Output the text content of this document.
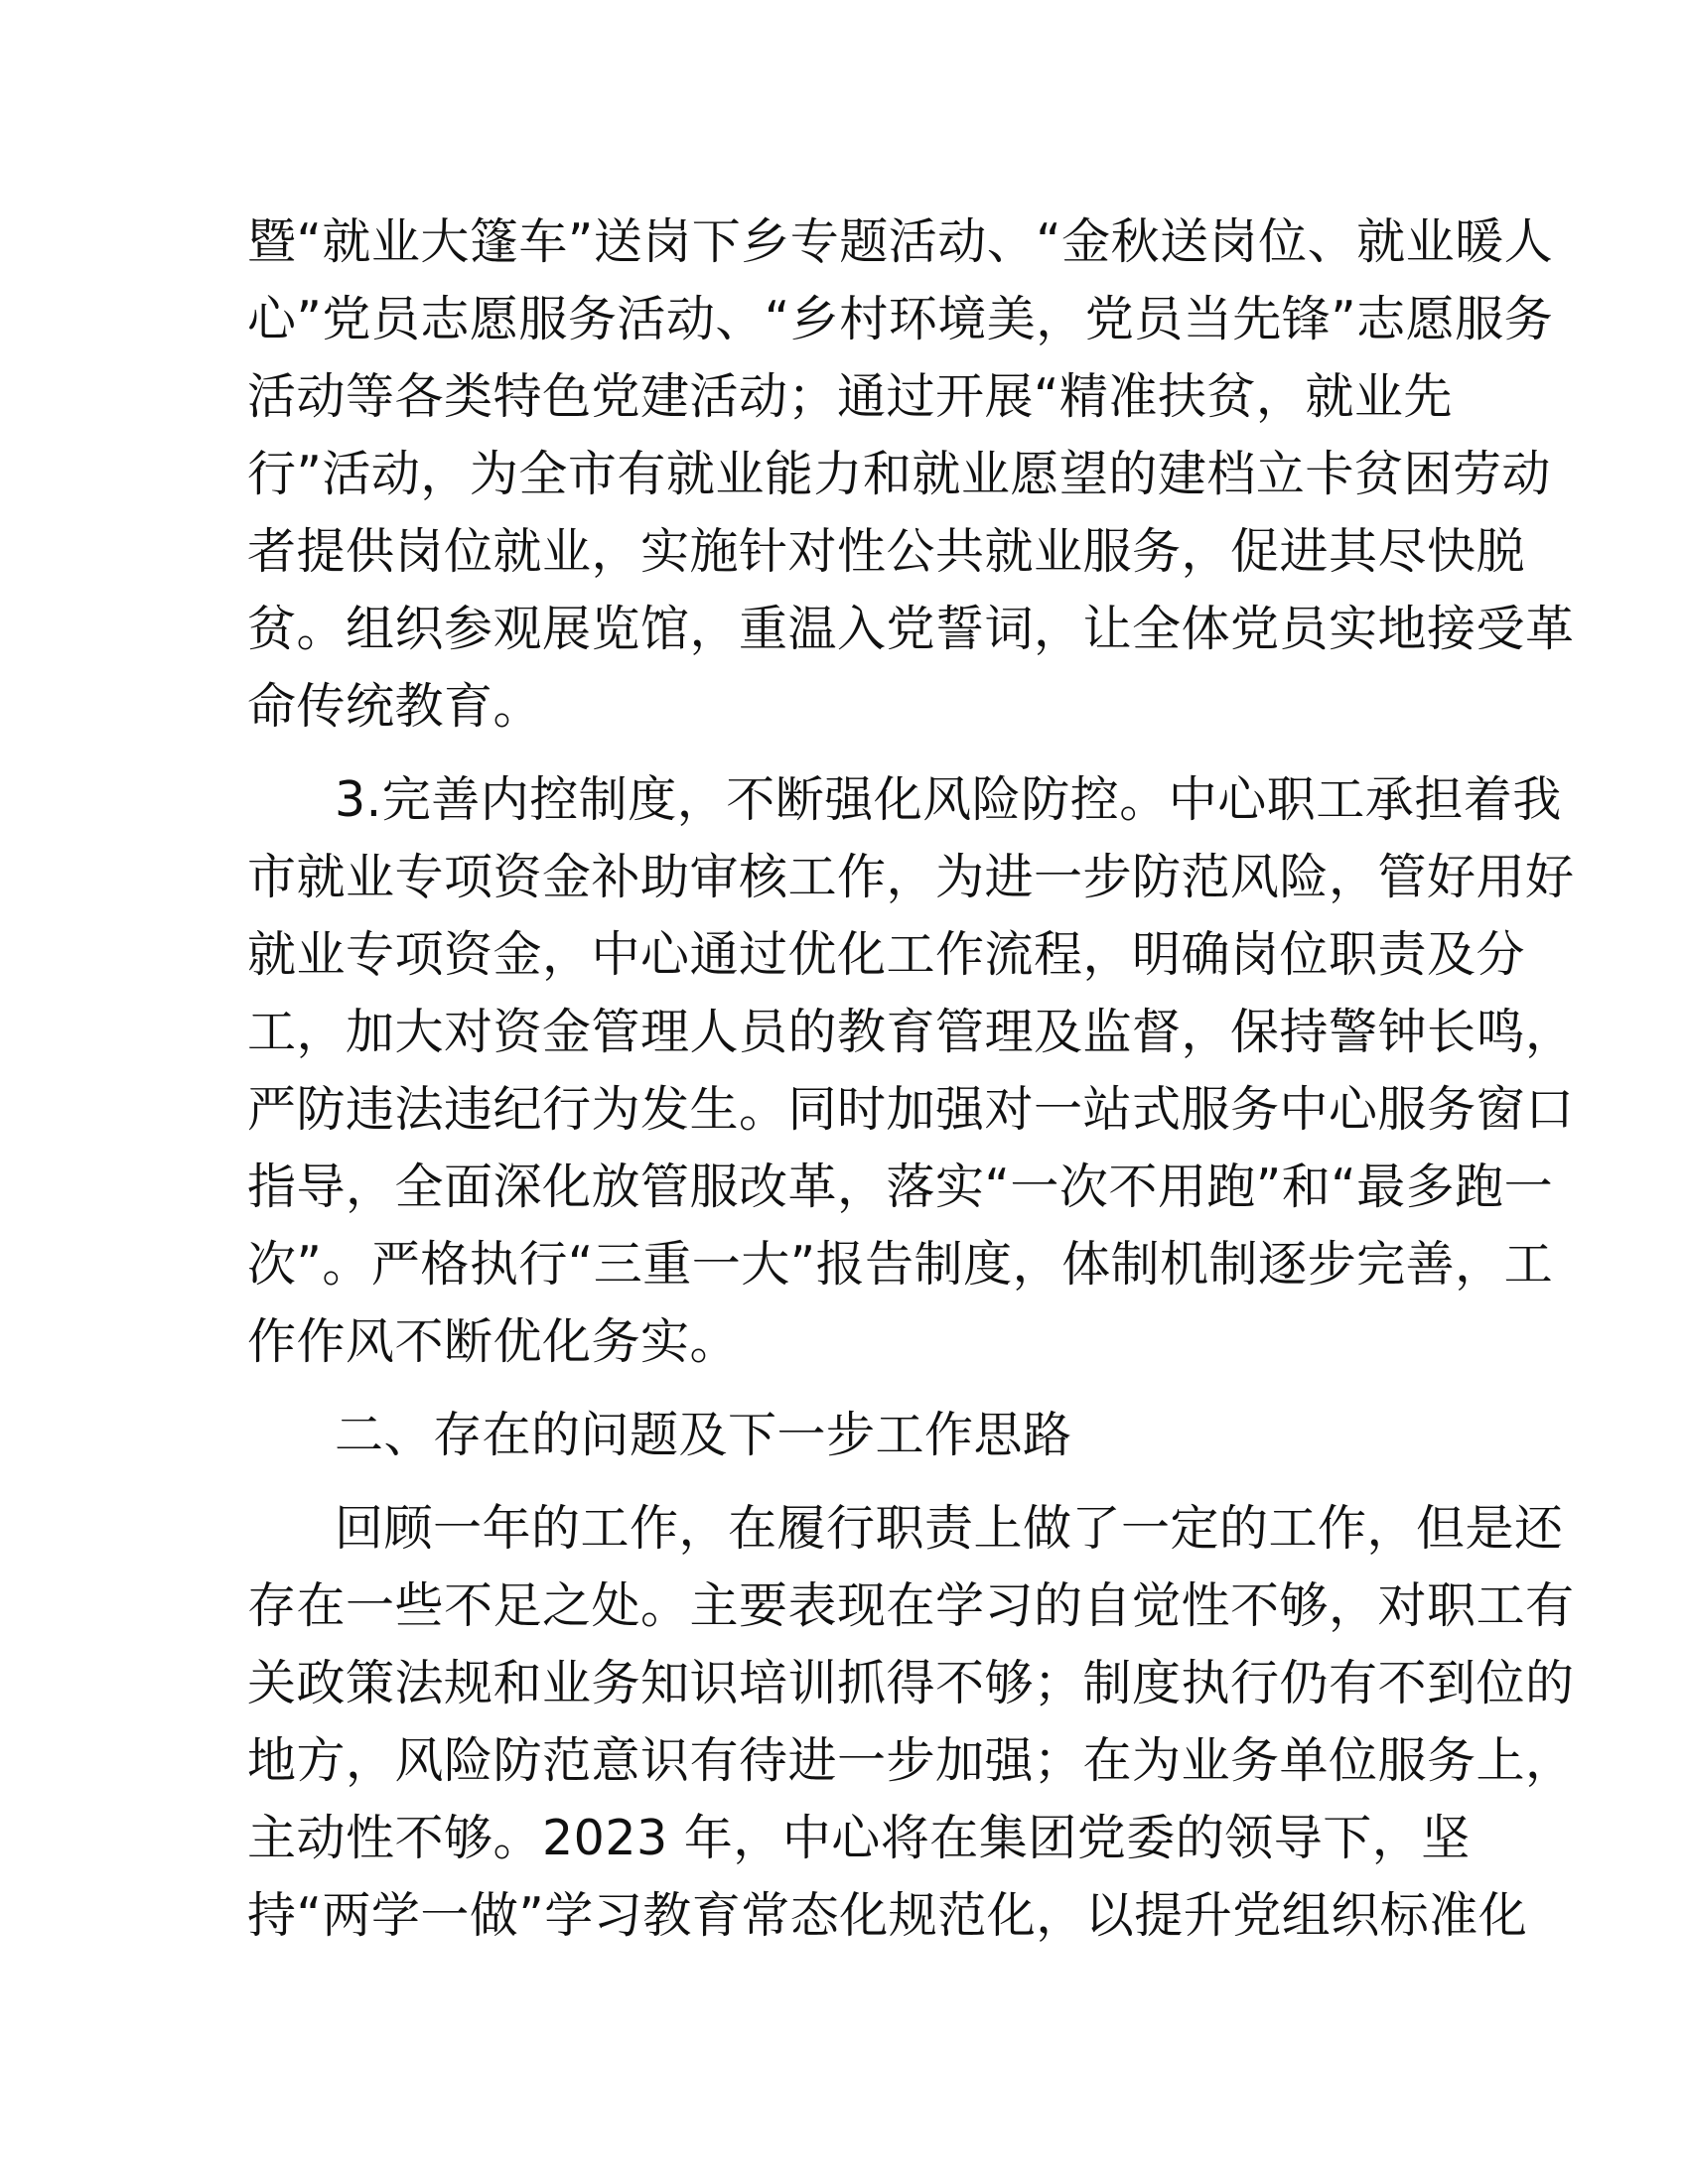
暨“就业大篷车”送岗下乡专题活动、“金秋送岗位、就业暖人
心”党员志愿服务活动、“乡村环境美，党员当先锋”志愿服务
活动等各类特色党建活动；通过开展“精准扶贫，就业先
行”活动，为全市有就业能力和就业愿望的建档立卡贫困劳动
者提供岗位就业，实施针对性公共就业服务，促进其尽快脱
贫。组织参观展览馆，重温入党誓词，让全体党员实地接受革
命传统教育。
3.完善内控制度，不断强化风险防控。中心职工承担着我
市就业专项资金补助审核工作，为进一步防范风险，管好用好
就业专项资金，中心通过优化工作流程，明确岗位职责及分
工，加大对资金管理人员的教育管理及监督，保持警钟长鸣，
严防违法违纪行为发生。同时加强对一站式服务中心服务窗口
指导，全面深化放管服改革，落实“一次不用跑”和“最多跑一
次”。严格执行“三重一大”报告制度，体制机制逐步完善，工
作作风不断优化务实。
二、存在的问题及下一步工作思路
回顾一年的工作，在履行职责上做了一定的工作，但是还
存在一些不足之处。主要表现在学习的自觉性不够，对职工有
关政策法规和业务知识培训抓得不够；制度执行仍有不到位的
地方，风险防范意识有待进一步加强；在为业务单位服务上，
主动性不够。2023 年，中心将在集团党委的领导下，坚
持“两学一做”学习教育常态化规范化，以提升党组织标准化
